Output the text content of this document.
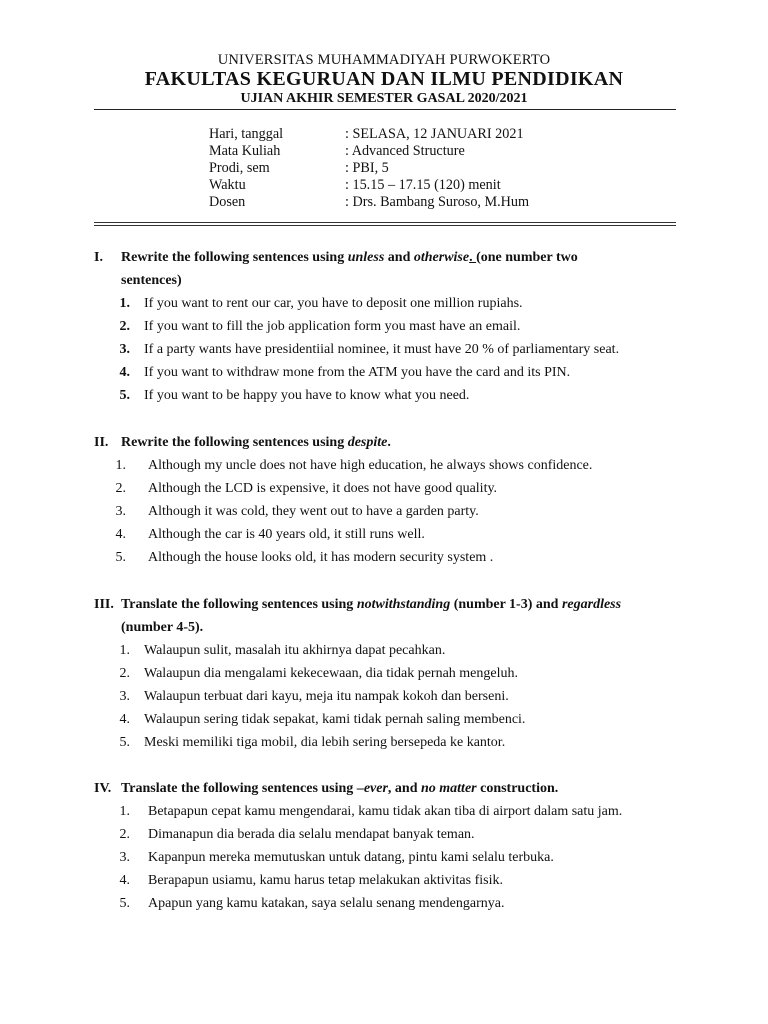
UNIVERSITAS MUHAMMADIYAH PURWOKERTO
FAKULTAS KEGURUAN DAN ILMU PENDIDIKAN
UJIAN AKHIR SEMESTER GASAL 2020/2021
Hari, tanggal	: SELASA, 12 JANUARI 2021
Mata Kuliah	: Advanced Structure
Prodi, sem	: PBI, 5
Waktu	: 15.15 – 17.15 (120) menit
Dosen	: Drs. Bambang Suroso, M.Hum
I.	Rewrite the following sentences using unless and otherwise. (one number two sentences)
1.	If you want to rent our car, you have to deposit one million rupiahs.
2.	If you want to fill the job application form you mast have an email.
3.	If a party wants have presidentiial nominee, it must have 20 % of parliamentary seat.
4.	If you want to withdraw mone from the ATM you have the card and its PIN.
5.	If you want to be happy you have to know what you need.
II. Rewrite the following sentences using despite.
1.	Although my uncle does not have high education, he always shows confidence.
2.	Although the LCD is expensive, it does not have good quality.
3.	Although it was cold, they went out to have a garden party.
4.	Although the car is 40 years old, it still runs well.
5.	Although the house looks old, it has modern security system .
III. Translate the following sentences using notwithstanding (number 1-3) and regardless (number 4-5).
1.	Walaupun sulit, masalah itu akhirnya dapat pecahkan.
2.	Walaupun dia mengalami kekecewaan, dia tidak pernah mengeluh.
3.	Walaupun terbuat dari kayu, meja itu nampak kokoh dan berseni.
4.	Walaupun sering tidak sepakat, kami tidak pernah saling membenci.
5.	Meski memiliki tiga mobil, dia lebih sering bersepeda ke kantor.
IV. Translate the following sentences using –ever, and no matter construction.
1.	Betapapun cepat kamu mengendarai, kamu tidak akan tiba di airport dalam satu jam.
2.	Dimanapun dia berada dia selalu mendapat banyak teman.
3.	Kapanpun mereka memutuskan untuk datang, pintu kami selalu terbuka.
4.	Berapapun usiamu, kamu harus tetap melakukan aktivitas fisik.
5.	Apapun yang kamu katakan, saya selalu senang mendengarnya.
